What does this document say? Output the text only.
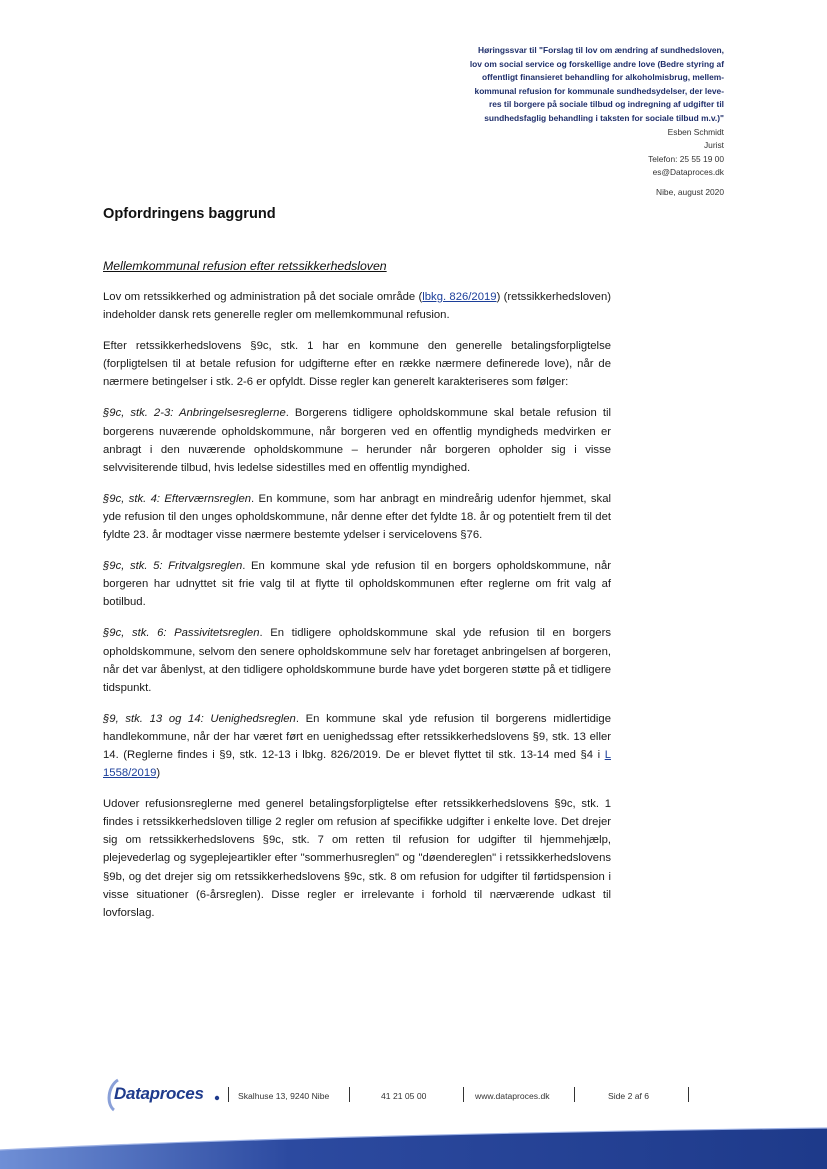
Høringssvar til "Forslag til lov om ændring af sundhedsloven,
lov om social service og forskellige andre love (Bedre styring af
offentligt finansieret behandling for alkoholmisbrug, mellem-
kommunal refusion for kommunale sundhedsydelser, der leve-
res til borgere på sociale tilbud og indregning af udgifter til
sundhedsfaglig behandling i taksten for sociale tilbud m.v.)"
Esben Schmidt
Jurist
Telefon: 25 55 19 00
es@Dataproces.dk
Nibe, august 2020
Opfordringens baggrund
Mellemkommunal refusion efter retssikkerhedsloven

Lov om retssikkerhed og administration på det sociale område (lbkg. 826/2019) (retssikkerhedsloven) indeholder dansk rets generelle regler om mellemkommunal refusion.

Efter retssikkerhedslovens §9c, stk. 1 har en kommune den generelle betalingsforpligtelse (forpligtelsen til at betale refusion for udgifterne efter en række nærmere definerede love), når de nærmere betingelser i stk. 2-6 er opfyldt. Disse regler kan generelt karakteriseres som følger:

§9c, stk. 2-3: Anbringelsesreglerne. Borgerens tidligere opholdskommune skal betale refusion til borgerens nuværende opholdskommune, når borgeren ved en offentlig myndigheds medvirken er anbragt i den nuværende opholdskommune – herunder når borgeren opholder sig i visse selvvisiterende tilbud, hvis ledelse sidestilles med en offentlig myndighed.

§9c, stk. 4: Efterværnsreglen. En kommune, som har anbragt en mindreårig udenfor hjemmet, skal yde refusion til den unges opholdskommune, når denne efter det fyldte 18. år og potentielt frem til det fyldte 23. år modtager visse nærmere bestemte ydelser i servicelovens §76.

§9c, stk. 5: Fritvalgsreglen. En kommune skal yde refusion til en borgers opholdskommune, når borgeren har udnyttet sit frie valg til at flytte til opholdskommunen efter reglerne om frit valg af botilbud.

§9c, stk. 6: Passivitetsreglen. En tidligere opholdskommune skal yde refusion til en borgers opholdskommune, selvom den senere opholdskommune selv har foretaget anbringelsen af borgeren, når det var åbenlyst, at den tidligere opholdskommune burde have ydet borgeren støtte på et tidligere tidspunkt.

§9, stk. 13 og 14: Uenighedsreglen. En kommune skal yde refusion til borgerens midlertidige handlekommune, når der har været ført en uenighedssag efter retssikkerhedslovens §9, stk. 13 eller 14. (Reglerne findes i §9, stk. 12-13 i lbkg. 826/2019. De er blevet flyttet til stk. 13-14 med §4 i L 1558/2019)

Udover refusionsreglerne med generel betalingsforpligtelse efter retssikkerhedslovens §9c, stk. 1 findes i retssikkerhedsloven tillige 2 regler om refusion af specifikke udgifter i enkelte love. Det drejer sig om retssikkerhedslovens §9c, stk. 7 om retten til refusion for udgifter til hjemmehjælp, plejevederlag og sygeplejeartikler efter "sommerhusreglen" og "døendereglen" i retssikkerhedslovens §9b, og det drejer sig om retssikkerhedslovens §9c, stk. 8 om refusion for udgifter til førtidspension i visse situationer (6-årsreglen). Disse regler er irrelevante i forhold til nærværende udkast til lovforslag.

Dataproces	Skalhuse 13, 9240 Nibe	41 21 05 00	www.dataproces.dk	Side 2 af 6
